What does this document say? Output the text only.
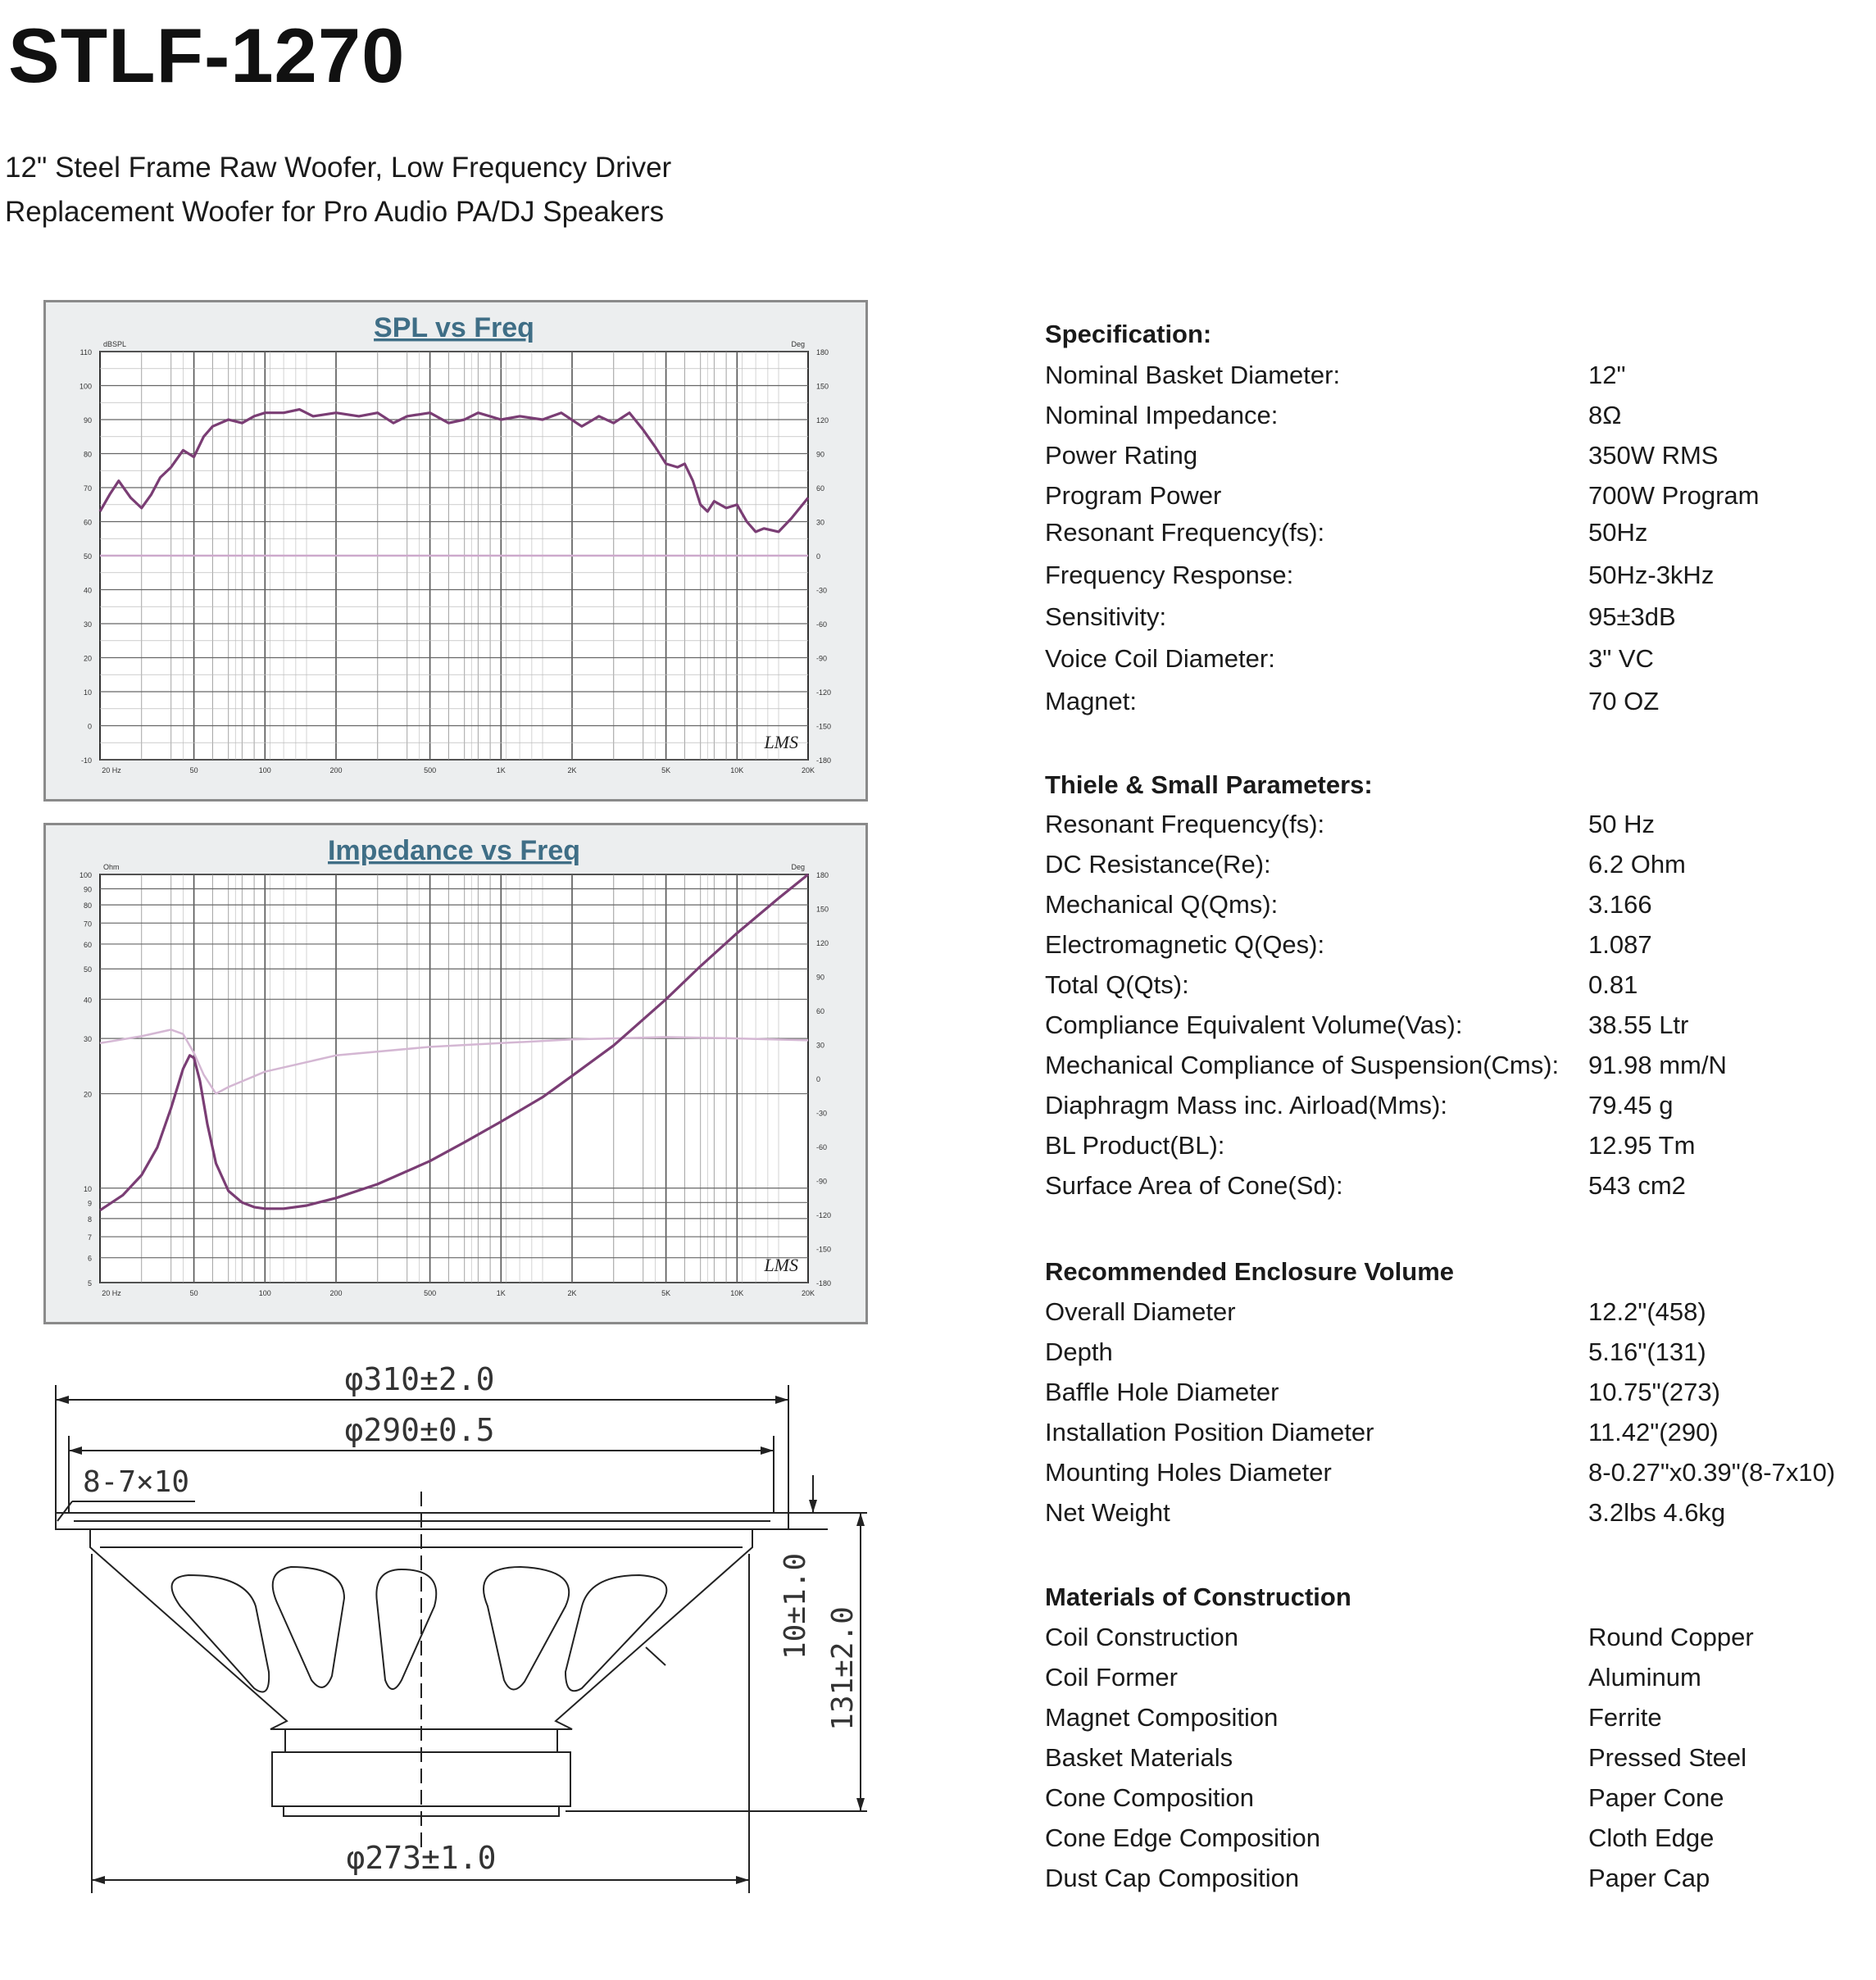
STLF-1270
12" Steel Frame Raw Woofer, Low Frequency Driver
Replacement Woofer for Pro Audio PA/DJ Speakers
SPL vs Freq
110
100
90
80
70
60
50
40
30
20
10
0
-10
180
150
120
90
60
30
0
-30
-60
-90
-120
-150
-180
dBSPL	Deg
20 Hz	50	100	200	500	1K	2K	5K	10K	20K
LMS
Impedance vs Freq
100
90
80
70
60
50
40
30
20
10
9
8
7
6
5
180
150
120
90
60
30
0
-30
-60
-90
-120
-150
-180
Ohm	Deg
20 Hz	50	100	200	500	1K	2K	5K	10K	20K
LMS
φ310±2.0
φ290±0.5
8-7×10
φ273±1.0
10±1.0
131±2.0
Specification:
Nominal Basket Diameter:	12"
Nominal Impedance:	8Ω
Power Rating	350W RMS
Program Power	700W Program
Resonant Frequency(fs):	50Hz
Frequency Response:	50Hz-3kHz
Sensitivity:	95±3dB
Voice Coil Diameter:	3" VC
Magnet:	70 OZ
Thiele & Small Parameters:
Resonant Frequency(fs):	50 Hz
DC Resistance(Re):	6.2 Ohm
Mechanical Q(Qms):	3.166
Electromagnetic Q(Qes):	1.087
Total Q(Qts):	0.81
Compliance Equivalent Volume(Vas):	38.55 Ltr
Mechanical Compliance of Suspension(Cms): 91.98 mm/N
Diaphragm Mass inc. Airload(Mms):	79.45 g
BL Product(BL):	12.95 Tm
Surface Area of Cone(Sd):	543 cm2
Recommended Enclosure Volume
Overall Diameter	12.2"(458)
Depth	5.16"(131)
Baffle Hole Diameter	10.75"(273)
Installation Position Diameter	11.42"(290)
Mounting Holes Diameter	8-0.27"x0.39"(8-7x10)
Net Weight	3.2lbs 4.6kg
Materials of Construction
Coil Construction	Round Copper
Coil Former	Aluminum
Magnet Composition	Ferrite
Basket Materials	Pressed Steel
Cone Composition	Paper Cone
Cone Edge Composition	Cloth Edge
Dust Cap Composition	Paper Cap
